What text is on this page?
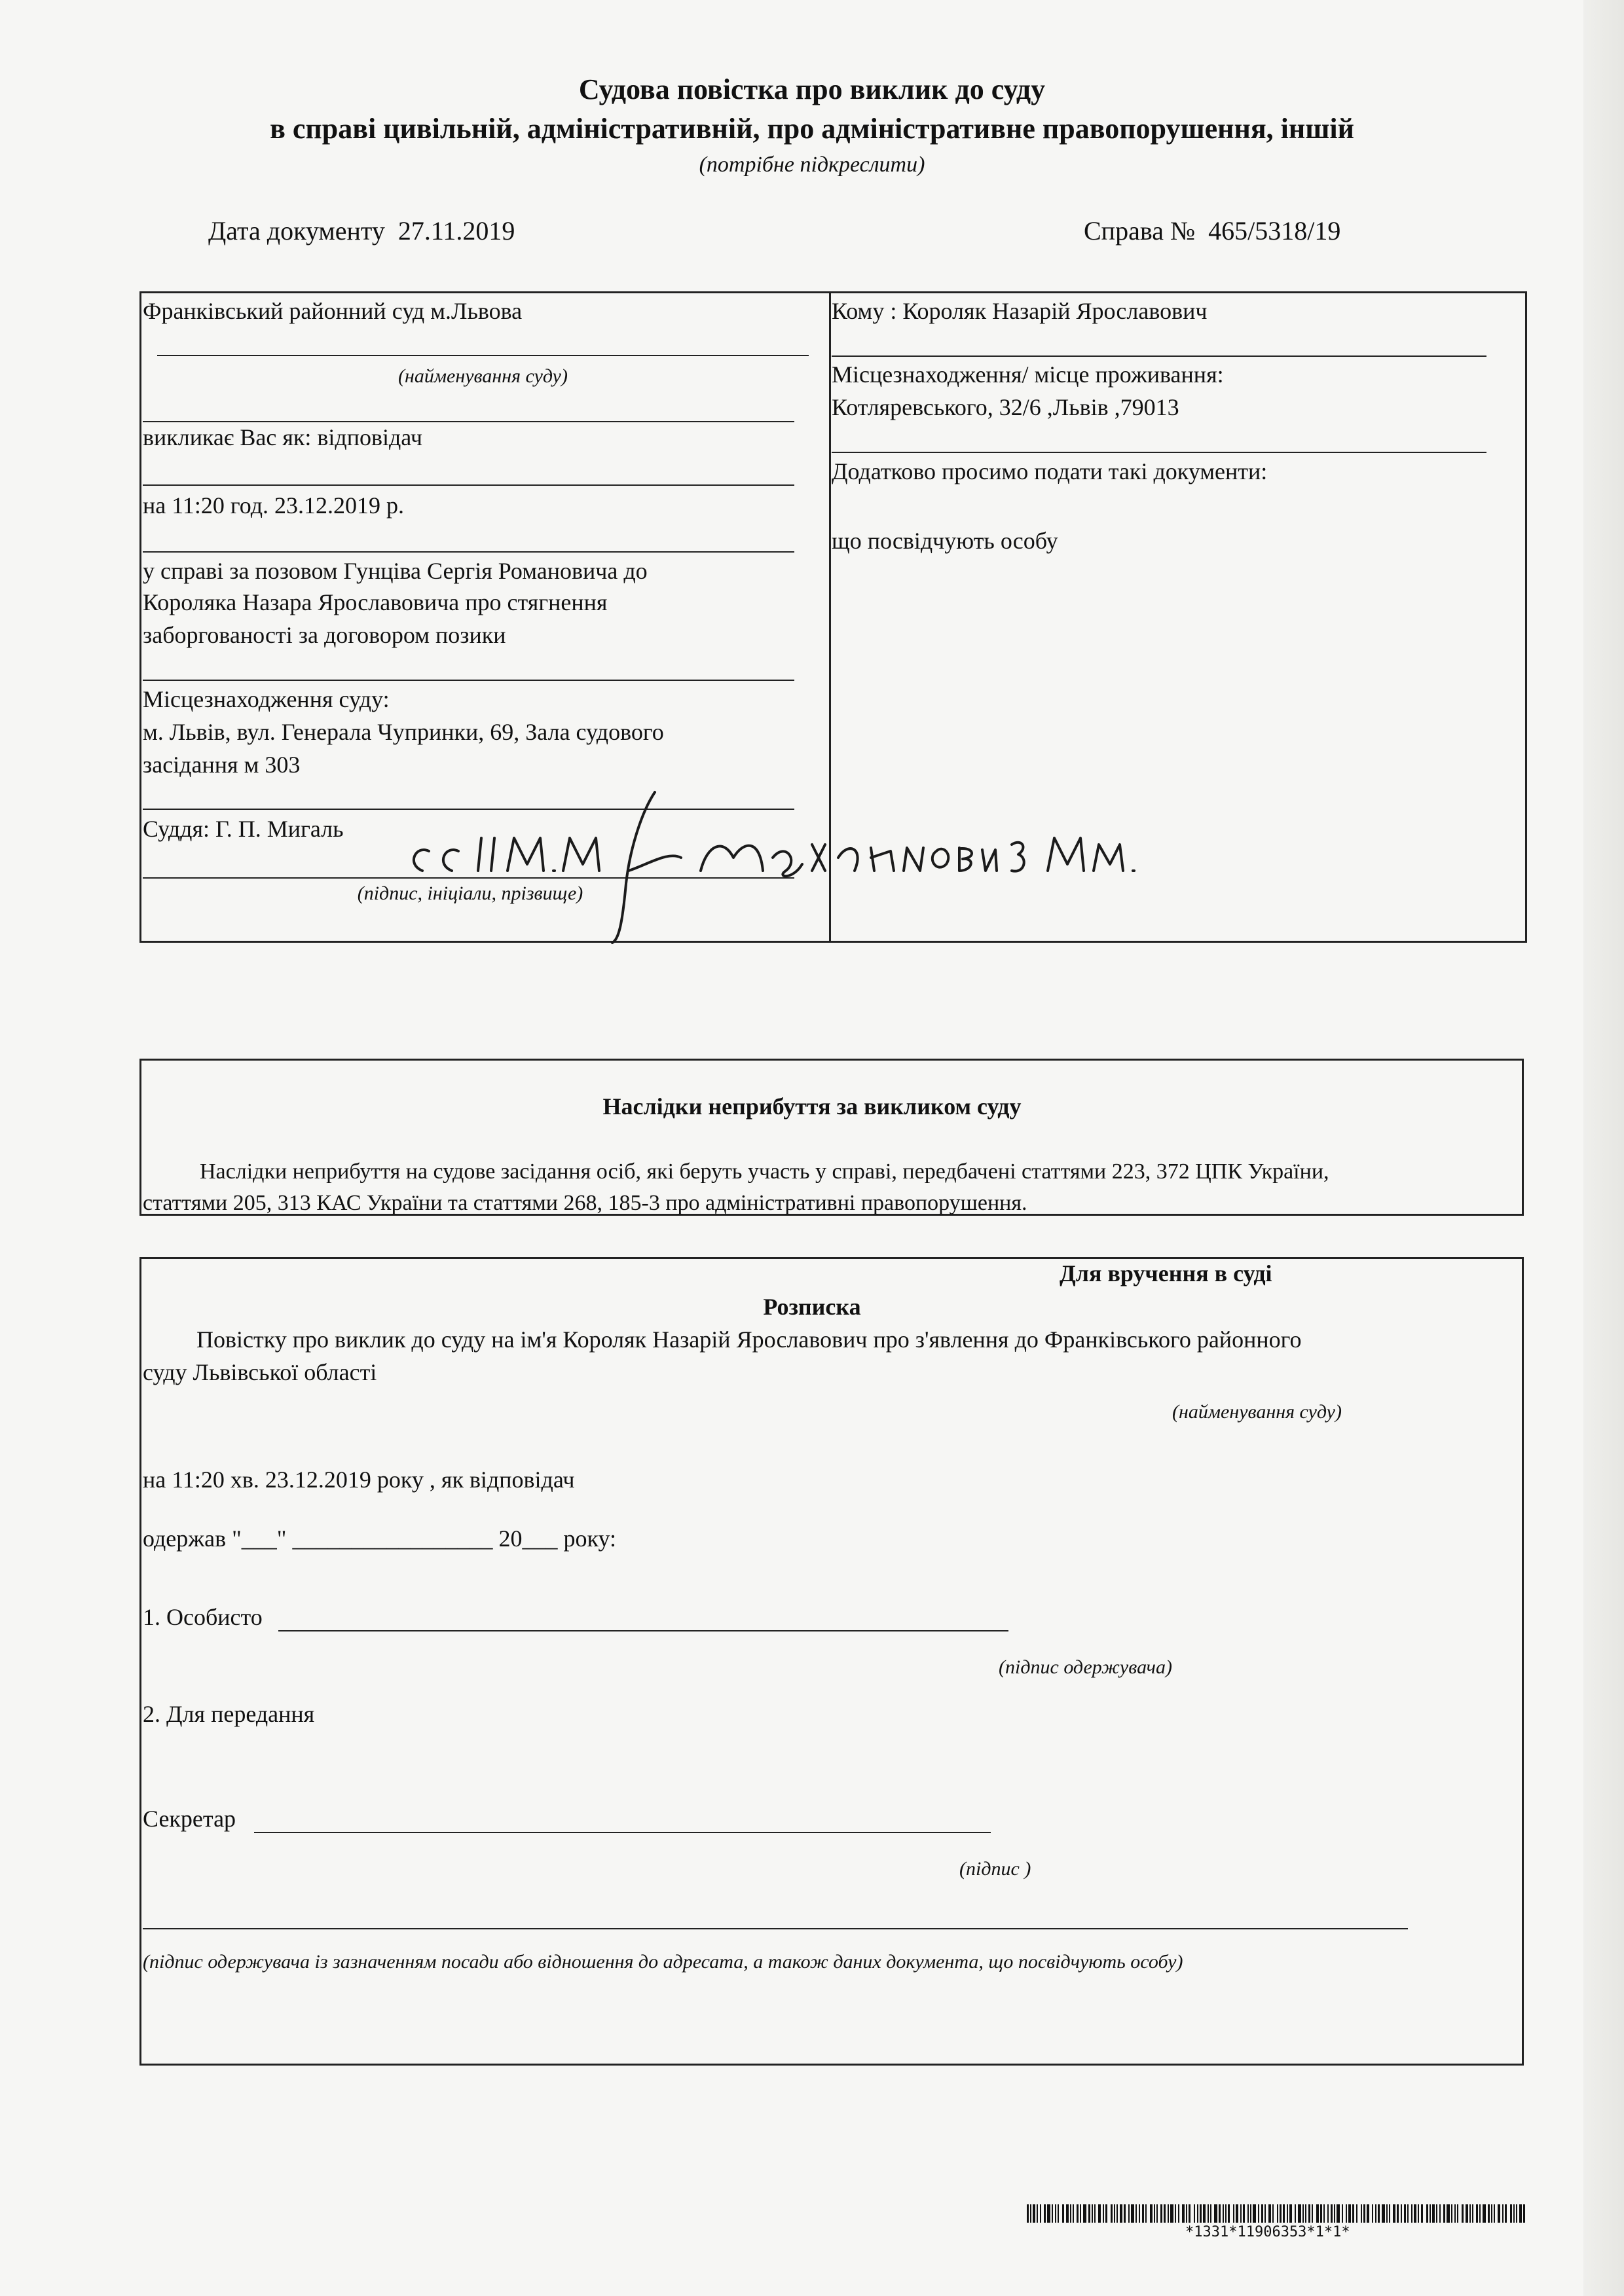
Судова повістка про виклик до суду
в справі цивільній, адміністративній, про адміністративне правопорушення, іншій
(потрібне підкреслити)
Дата документу 27.11.2019	Справа № 465/5318/19
Франківський районний суд м.Львова
(найменування суду)
викликає Вас як: відповідач
на 11:20 год. 23.12.2019 р.
у справі за позовом Гунціва Сергія Романовича до
Короляка Назара Ярославовича про стягнення
заборгованості за договором позики
Місцезнаходження суду:
м. Львів, вул. Генерала Чупринки, 69, Зала судового
засідання м 303
Суддя: Г. П. Мигаль
(підпис, ініціали, прізвище)
Кому : Короляк Назарій Ярославович
Місцезнаходження/ місце проживання:
Котляревського, 32/6 ,Львів ,79013
Додатково просимо подати такі документи:
що посвідчують особу
Наслідки неприбуття за викликом суду
Наслідки неприбуття на судове засідання осіб, які беруть участь у справі, передбачені статтями 223, 372 ЦПК України,
статтями 205, 313 КАС України та статтями 268, 185-3 про адміністративні правопорушення.
Для вручення в суді
Розписка
Повістку про виклик до суду на ім'я Короляк Назарій Ярославович про з'явлення до Франківського районного
суду Львівської області
(найменування суду)
на 11:20 хв. 23.12.2019 року , як відповідач
одержав "___" _________________ 20___ року:
1. Особисто
(підпис одержувача)
2. Для передання
Секретар
(підпис )
(підпис одержувача із зазначенням посади або відношення до адресата, а також даних документа, що посвідчують особу)
*1331*11906353*1*1*
